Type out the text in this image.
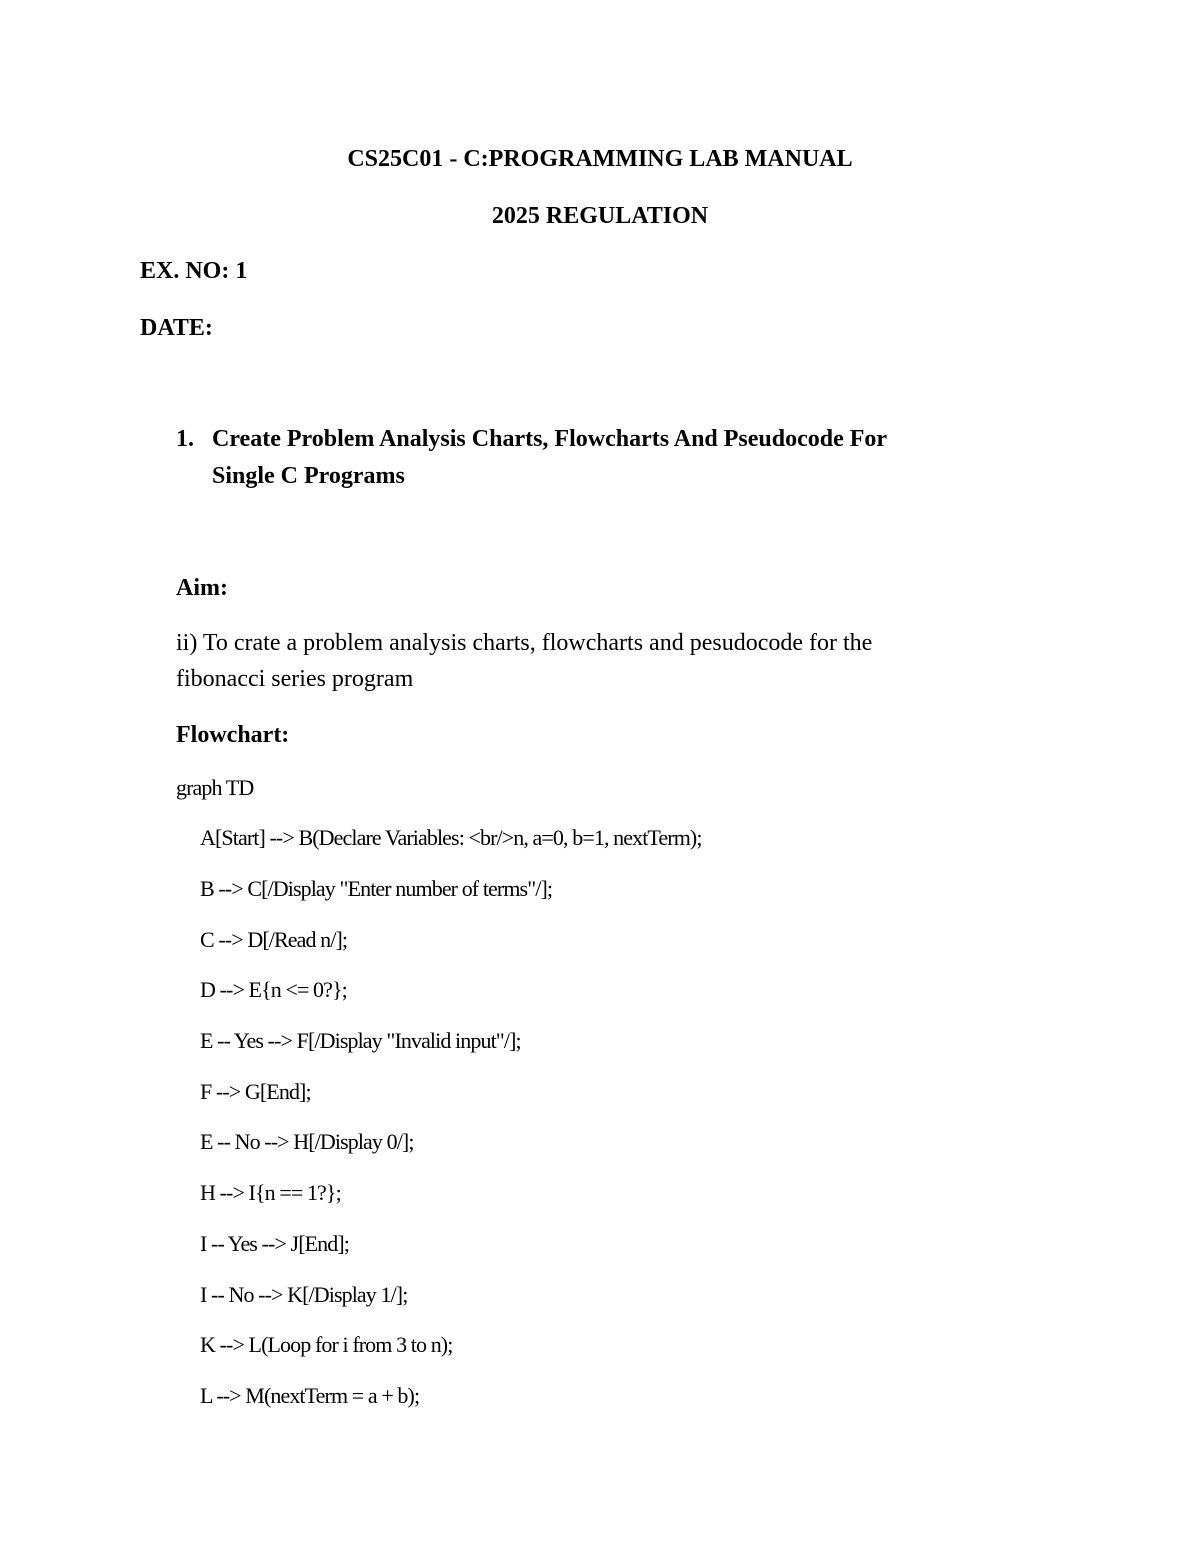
CS25C01 - C:PROGRAMMING LAB MANUAL
2025 REGULATION
EX. NO: 1
DATE:
1. Create Problem Analysis Charts, Flowcharts And Pseudocode For
Single C Programs
Aim:
ii) To crate a problem analysis charts, flowcharts and pesudocode for the
fibonacci series program
Flowchart:
graph TD
A[Start] --> B(Declare Variables: <br/>n, a=0, b=1, nextTerm);
B --> C[/Display "Enter number of terms"/];
C --> D[/Read n/];
D --> E{n <= 0?};
E -- Yes --> F[/Display "Invalid input"/];
F --> G[End];
E -- No --> H[/Display 0/];
H --> I{n == 1?};
I -- Yes --> J[End];
I -- No --> K[/Display 1/];
K --> L(Loop for i from 3 to n);
L --> M(nextTerm = a + b);
